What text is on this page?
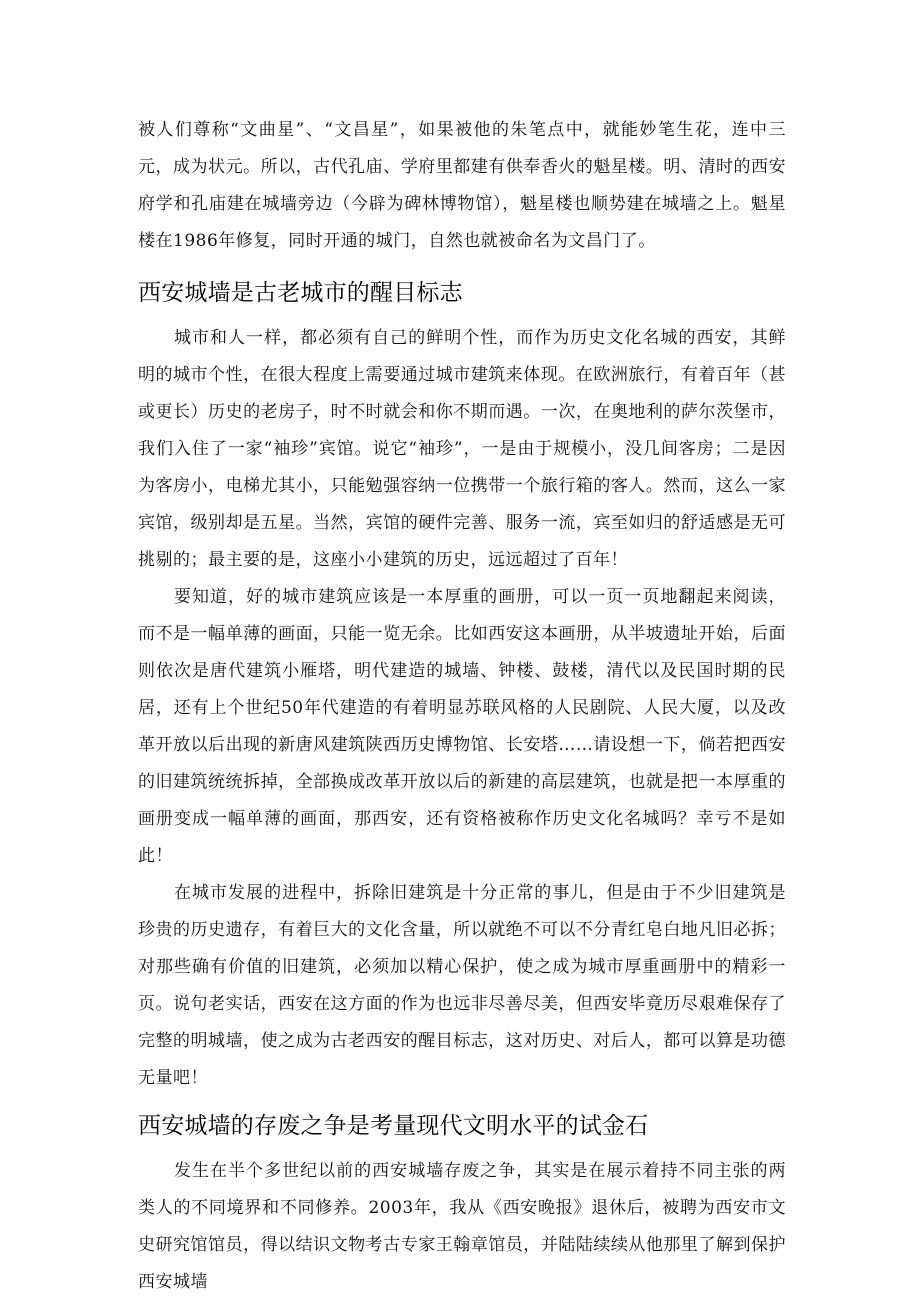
被人们尊称“文曲星”、“文昌星”，如果被他的朱笔点中，就能妙笔生花，连中三元，成为状元。所以，古代孔庙、学府里都建有供奉香火的魁星楼。明、清时的西安府学和孔庙建在城墙旁边（今辟为碑林博物馆），魁星楼也顺势建在城墙之上。魁星楼在1986年修复，同时开通的城门，自然也就被命名为文昌门了。

西安城墙是古老城市的醒目标志

城市和人一样，都必须有自己的鲜明个性，而作为历史文化名城的西安，其鲜明的城市个性，在很大程度上需要通过城市建筑来体现。在欧洲旅行，有着百年（甚或更长）历史的老房子，时不时就会和你不期而遇。一次，在奥地利的萨尔茨堡市，我们入住了一家“袖珍”宾馆。说它“袖珍”，一是由于规模小，没几间客房；二是因为客房小，电梯尤其小，只能勉强容纳一位携带一个旅行箱的客人。然而，这么一家宾馆，级别却是五星。当然，宾馆的硬件完善、服务一流，宾至如归的舒适感是无可挑剔的；最主要的是，这座小小建筑的历史，远远超过了百年！

要知道，好的城市建筑应该是一本厚重的画册，可以一页一页地翻起来阅读，而不是一幅单薄的画面，只能一览无余。比如西安这本画册，从半坡遗址开始，后面则依次是唐代建筑小雁塔，明代建造的城墙、钟楼、鼓楼，清代以及民国时期的民居，还有上个世纪50年代建造的有着明显苏联风格的人民剧院、人民大厦，以及改革开放以后出现的新唐风建筑陕西历史博物馆、长安塔……请设想一下，倘若把西安的旧建筑统统拆掉，全部换成改革开放以后的新建的高层建筑，也就是把一本厚重的画册变成一幅单薄的画面，那西安，还有资格被称作历史文化名城吗？幸亏不是如此！

在城市发展的进程中，拆除旧建筑是十分正常的事儿，但是由于不少旧建筑是珍贵的历史遗存，有着巨大的文化含量，所以就绝不可以不分青红皂白地凡旧必拆；对那些确有价值的旧建筑，必须加以精心保护，使之成为城市厚重画册中的精彩一页。说句老实话，西安在这方面的作为也远非尽善尽美，但西安毕竟历尽艰难保存了完整的明城墙，使之成为古老西安的醒目标志，这对历史、对后人，都可以算是功德无量吧！

西安城墙的存废之争是考量现代文明水平的试金石

发生在半个多世纪以前的西安城墙存废之争，其实是在展示着持不同主张的两类人的不同境界和不同修养。2003年，我从《西安晚报》退休后，被聘为西安市文史研究馆馆员，得以结识文物考古专家王翰章馆员，并陆陆续续从他那里了解到保护西安城墙
